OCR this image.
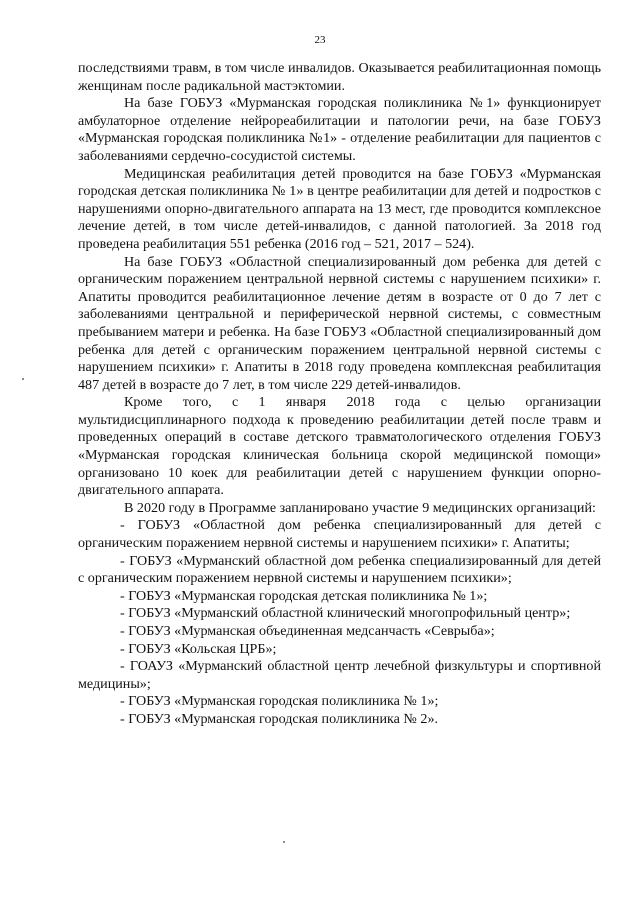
23

последствиями травм, в том числе инвалидов. Оказывается реабилитационная помощь женщинам после радикальной мастэктомии.

На базе ГОБУЗ «Мурманская городская поликлиника №1» функционирует амбулаторное отделение нейрореабилитации и патологии речи, на базе ГОБУЗ «Мурманская городская поликлиника №1» - отделение реабилитации для пациентов с заболеваниями сердечно-сосудистой системы.

Медицинская реабилитация детей проводится на базе ГОБУЗ «Мурманская городская детская поликлиника № 1» в центре реабилитации для детей и подростков с нарушениями опорно-двигательного аппарата на 13 мест, где проводится комплексное лечение детей, в том числе детей-инвалидов, с данной патологией. За 2018 год проведена реабилитация 551 ребенка (2016 год – 521, 2017 – 524).

На базе ГОБУЗ «Областной специализированный дом ребенка для детей с органическим поражением центральной нервной системы с нарушением психики» г. Апатиты проводится реабилитационное лечение детям в возрасте от 0 до 7 лет с заболеваниями центральной и периферической нервной системы, с совместным пребыванием матери и ребенка. На базе ГОБУЗ «Областной специализированный дом ребенка для детей с органическим поражением центральной нервной системы с нарушением психики» г. Апатиты в 2018 году проведена комплексная реабилитация 487 детей в возрасте до 7 лет, в том числе 229 детей-инвалидов.

Кроме того, с 1 января 2018 года с целью организации мультидисциплинарного подхода к проведению реабилитации детей после травм и проведенных операций в составе детского травматологического отделения ГОБУЗ «Мурманская городская клиническая больница скорой медицинской помощи» организовано 10 коек для реабилитации детей с нарушением функции опорно-двигательного аппарата.

В 2020 году в Программе запланировано участие 9 медицинских организаций:

- ГОБУЗ «Областной дом ребенка специализированный для детей с органическим поражением нервной системы и нарушением психики» г. Апатиты;

- ГОБУЗ «Мурманский областной дом ребенка специализированный для детей с органическим поражением нервной системы и нарушением психики»;

- ГОБУЗ «Мурманская городская детская поликлиника № 1»;

- ГОБУЗ «Мурманский областной клинический многопрофильный центр»;

- ГОБУЗ «Мурманская объединенная медсанчасть «Севрыба»;

- ГОБУЗ «Кольская ЦРБ»;

- ГОАУЗ «Мурманский областной центр лечебной физкультуры и спортивной медицины»;

- ГОБУЗ «Мурманская городская поликлиника № 1»;

- ГОБУЗ «Мурманская городская поликлиника № 2».
